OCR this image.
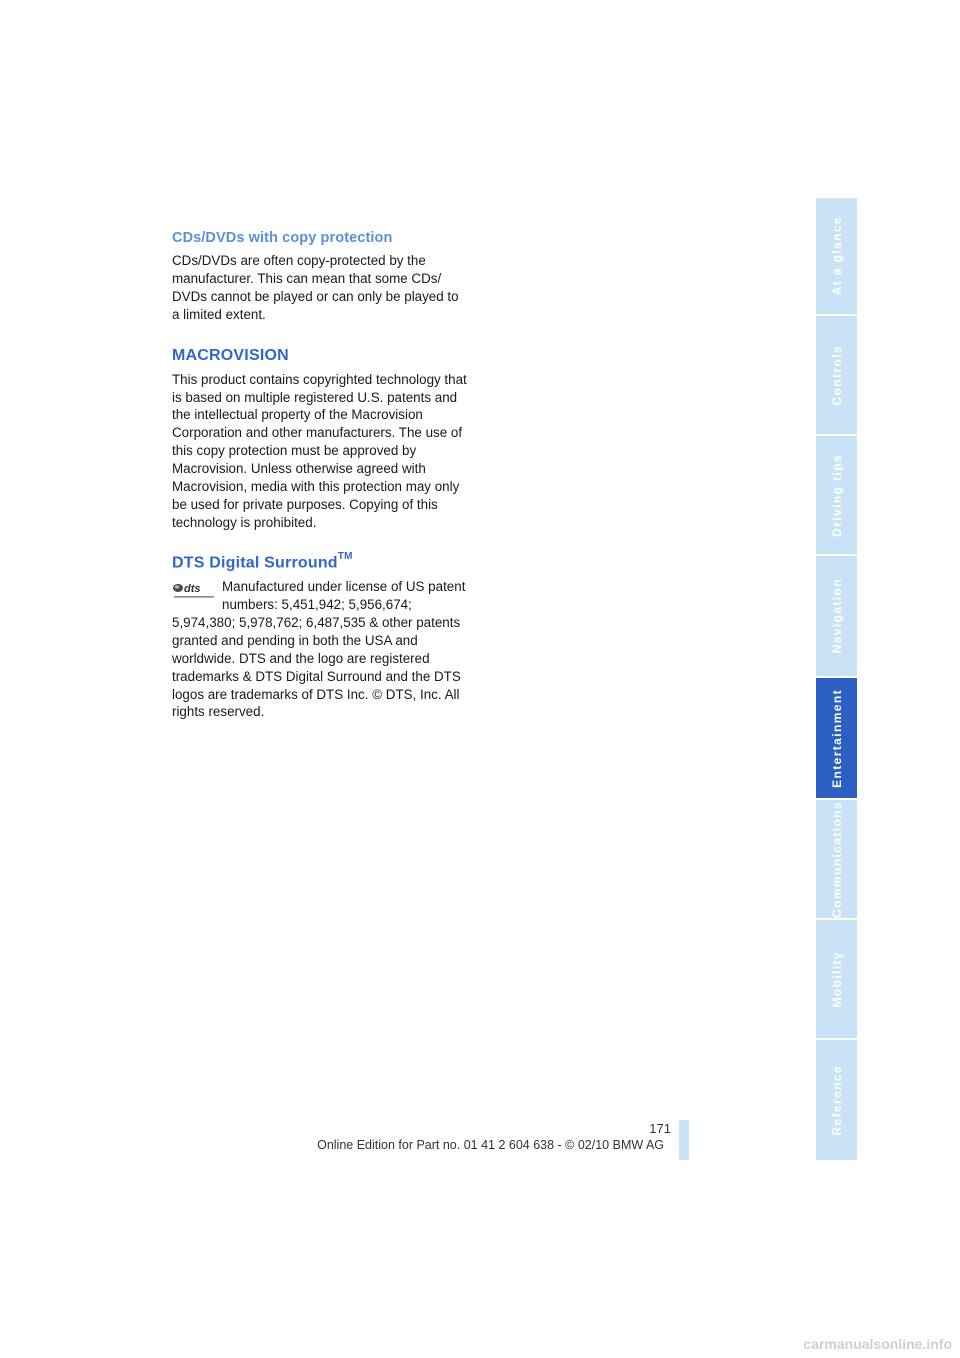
CDs/DVDs with copy protection

CDs/DVDs are often copy-protected by the manufacturer. This can mean that some CDs/ DVDs cannot be played or can only be played to a limited extent.

MACROVISION

This product contains copyrighted technology that is based on multiple registered U.S. patents and the intellectual property of the Macrovision Corporation and other manufacturers. The use of this copy protection must be approved by Macrovision. Unless otherwise agreed with Macrovision, media with this protection may only be used for private purposes. Copying of this technology is prohibited.

DTS Digital Surround™
dts	Manufactured under license of US patent numbers: 5,451,942; 5,956,674; 5,974,380; 5,978,762; 6,487,535 & other patents granted and pending in both the USA and worldwide. DTS and the logo are registered trademarks & DTS Digital Surround and the DTS logos are trademarks of DTS Inc. © DTS, Inc. All rights reserved.

At a glance
Controls
Driving tips
Navigation
Entertainment
Communications
Mobility
Reference
171
Online Edition for Part no. 01 41 2 604 638 - © 02/10 BMW AG
carmanualsonline.info
